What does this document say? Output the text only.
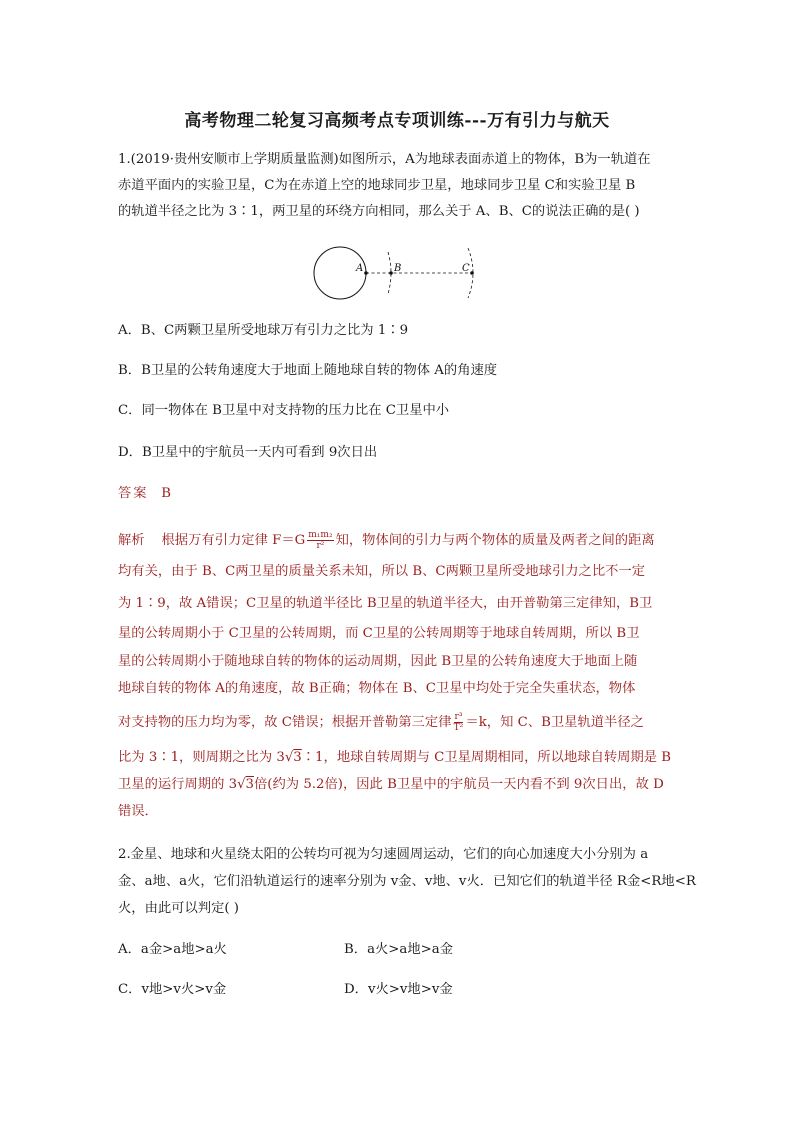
高考物理二轮复习高频考点专项训练---万有引力与航天
1.(2019·贵州安顺市上学期质量监测)如图所示，A为地球表面赤道上的物体，B为一轨道在
赤道平面内的实验卫星，C为在赤道上空的地球同步卫星，地球同步卫星 C和实验卫星 B
的轨道半径之比为 3∶1，两卫星的环绕方向相同，那么关于 A、B、C的说法正确的是( )
A	B	C
A．B、C两颗卫星所受地球万有引力之比为 1∶9
B．B卫星的公转角速度大于地面上随地球自转的物体 A的角速度
C．同一物体在 B卫星中对支持物的压力比在 C卫星中小
D．B卫星中的宇航员一天内可看到 9次日出
答案 B
解析 根据万有引力定律 $F=G \frac{\text{m₁m₂}}{\text{r²}}$ 知，物体间的引力与两个物体的质量及两者之间的距离
均有关，由于 B、C两卫星的质量关系未知，所以 B、C两颗卫星所受地球引力之比不一定
为 1∶9，故 A错误；C卫星的轨道半径比 B卫星的轨道半径大，由开普勒第三定律知，B卫
星的公转周期小于 C卫星的公转周期，而 C卫星的公转周期等于地球自转周期，所以 B卫
星的公转周期小于随地球自转的物体的运动周期，因此 B卫星的公转角速度大于地面上随
地球自转的物体 A的角速度，故 B正确；物体在 B、C卫星中均处于完全失重状态，物体
对支持物的压力均为零，故 C错误；根据开普勒第三定律 $\frac{\text{r³}}{\text{T²}} =k$，知 C、B卫星轨道半径之
比为 3∶1，则周期之比为 3√3∶1，地球自转周期与 C卫星周期相同，所以地球自转周期是 B
卫星的运行周期的 3√3倍(约为 5.2倍)，因此 B卫星中的宇航员一天内看不到 9次日出，故 D
错误．
2.金星、地球和火星绕太阳的公转均可视为匀速圆周运动，它们的向心加速度大小分别为 a
金、a地、a火，它们沿轨道运行的速率分别为 v金、v地、v火．已知它们的轨道半径 R金<R地<R
火，由此可以判定( )
A．a金>a地>a火	B．a火>a地>a金
C．v地>v火>v金	D．v火>v地>v金
